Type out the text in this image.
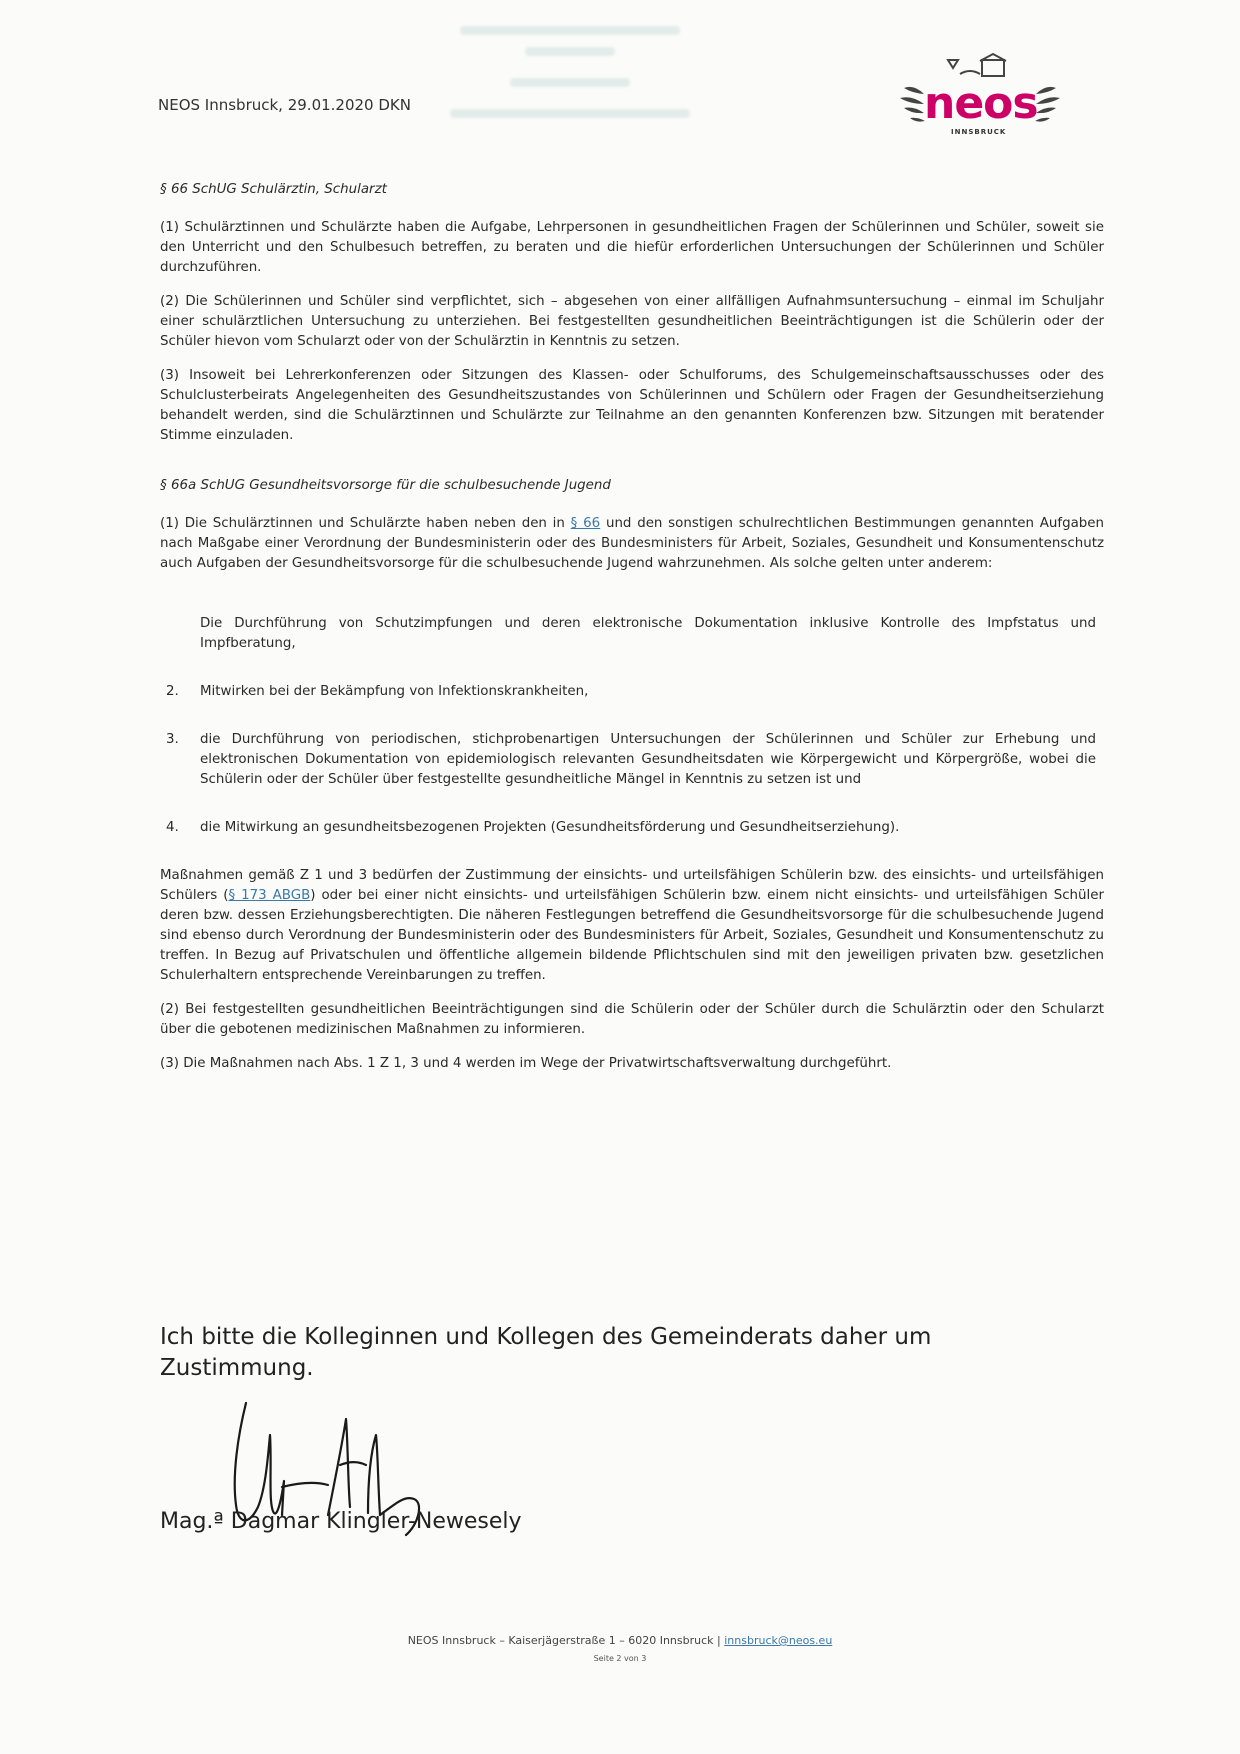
NEOS Innsbruck, 29.01.2020 DKN	neos
INNSBRUCK

§ 66 SchUG Schulärztin, Schularzt

(1) Schulärztinnen und Schulärzte haben die Aufgabe, Lehrpersonen in gesundheitlichen Fragen der Schülerinnen und Schüler, soweit sie den Unterricht und den Schulbesuch betreffen, zu beraten und die hiefür erforderlichen Untersuchungen der Schülerinnen und Schüler durchzuführen.

(2) Die Schülerinnen und Schüler sind verpflichtet, sich – abgesehen von einer allfälligen Aufnahmsuntersuchung – einmal im Schuljahr einer schulärztlichen Untersuchung zu unterziehen. Bei festgestellten gesundheitlichen Beeinträchtigungen ist die Schülerin oder der Schüler hievon vom Schularzt oder von der Schulärztin in Kenntnis zu setzen.

(3) Insoweit bei Lehrerkonferenzen oder Sitzungen des Klassen- oder Schulforums, des Schulgemeinschaftsausschusses oder des Schulclusterbeirats Angelegenheiten des Gesundheitszustandes von Schülerinnen und Schülern oder Fragen der Gesundheitserziehung behandelt werden, sind die Schulärztinnen und Schulärzte zur Teilnahme an den genannten Konferenzen bzw. Sitzungen mit beratender Stimme einzuladen.

§ 66a SchUG Gesundheitsvorsorge für die schulbesuchende Jugend

(1) Die Schulärztinnen und Schulärzte haben neben den in § 66 und den sonstigen schulrechtlichen Bestimmungen genannten Aufgaben nach Maßgabe einer Verordnung der Bundesministerin oder des Bundesministers für Arbeit, Soziales, Gesundheit und Konsumentenschutz auch Aufgaben der Gesundheitsvorsorge für die schulbesuchende Jugend wahrzunehmen. Als solche gelten unter anderem:

Die Durchführung von Schutzimpfungen und deren elektronische Dokumentation inklusive Kontrolle des Impfstatus und Impfberatung,
2.	Mitwirken bei der Bekämpfung von Infektionskrankheiten,
3.	die Durchführung von periodischen, stichprobenartigen Untersuchungen der Schülerinnen und Schüler zur Erhebung und elektronischen Dokumentation von epidemiologisch relevanten Gesundheitsdaten wie Körpergewicht und Körpergröße, wobei die Schülerin oder der Schüler über festgestellte gesundheitliche Mängel in Kenntnis zu setzen ist und
4.	die Mitwirkung an gesundheitsbezogenen Projekten (Gesundheitsförderung und Gesundheitserziehung).

Maßnahmen gemäß Z 1 und 3 bedürfen der Zustimmung der einsichts- und urteilsfähigen Schülerin bzw. des einsichts- und urteilsfähigen Schülers (§ 173 ABGB) oder bei einer nicht einsichts- und urteilsfähigen Schülerin bzw. einem nicht einsichts- und urteilsfähigen Schüler deren bzw. dessen Erziehungsberechtigten. Die näheren Festlegungen betreffend die Gesundheitsvorsorge für die schulbesuchende Jugend sind ebenso durch Verordnung der Bundesministerin oder des Bundesministers für Arbeit, Soziales, Gesundheit und Konsumentenschutz zu treffen. In Bezug auf Privatschulen und öffentliche allgemein bildende Pflichtschulen sind mit den jeweiligen privaten bzw. gesetzlichen Schulerhaltern entsprechende Vereinbarungen zu treffen.

(2) Bei festgestellten gesundheitlichen Beeinträchtigungen sind die Schülerin oder der Schüler durch die Schulärztin oder den Schularzt über die gebotenen medizinischen Maßnahmen zu informieren.

(3) Die Maßnahmen nach Abs. 1 Z 1, 3 und 4 werden im Wege der Privatwirtschaftsverwaltung durchgeführt.

Ich bitte die Kolleginnen und Kollegen des Gemeinderats daher um Zustimmung.
Mag.ª Dagmar Klingler-Newesely
NEOS Innsbruck – Kaiserjägerstraße 1 – 6020 Innsbruck | innsbruck@neos.eu
Seite 2 von 3
